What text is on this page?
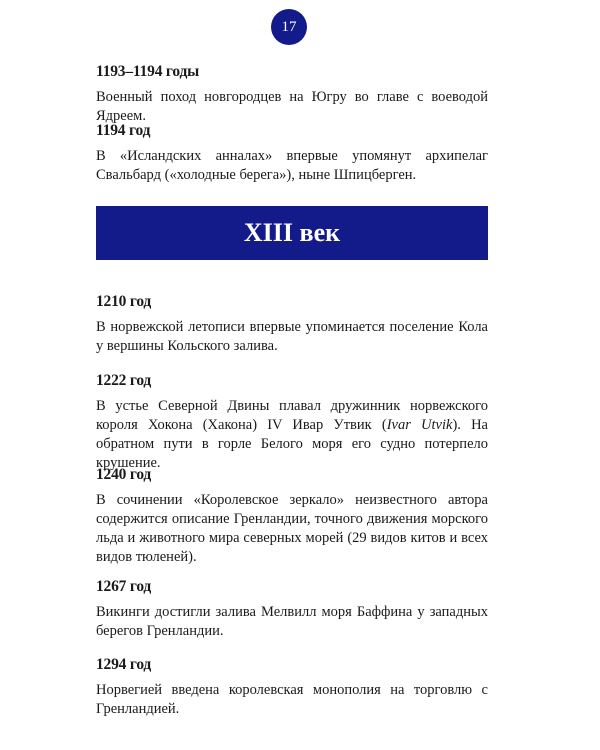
17
1193–1194 годы

Военный поход новгородцев на Югру во главе с воеводой Ядреем.

1194 год

В «Исландских анналах» впервые упомянут архипелаг Свальбард («холодные берега»), ныне Шпицберген.

1210 год

В норвежской летописи впервые упоминается поселение Кола у вершины Кольского залива.

1222 год

В устье Северной Двины плавал дружинник норвежского короля Хокона (Хакона) IV Ивар Утвик (Ivar Utvik). На обратном пути в горле Белого моря его судно потерпело крушение.

1240 год

В сочинении «Королевское зеркало» неизвестного автора содержится описание Гренландии, точного движения морского льда и животного мира северных морей (29 видов китов и всех видов тюленей).

1267 год

Викинги достигли залива Мелвилл моря Баффина у западных берегов Гренландии.

1294 год

Норвегией введена королевская монополия на торговлю с Гренландией.

XIII век
